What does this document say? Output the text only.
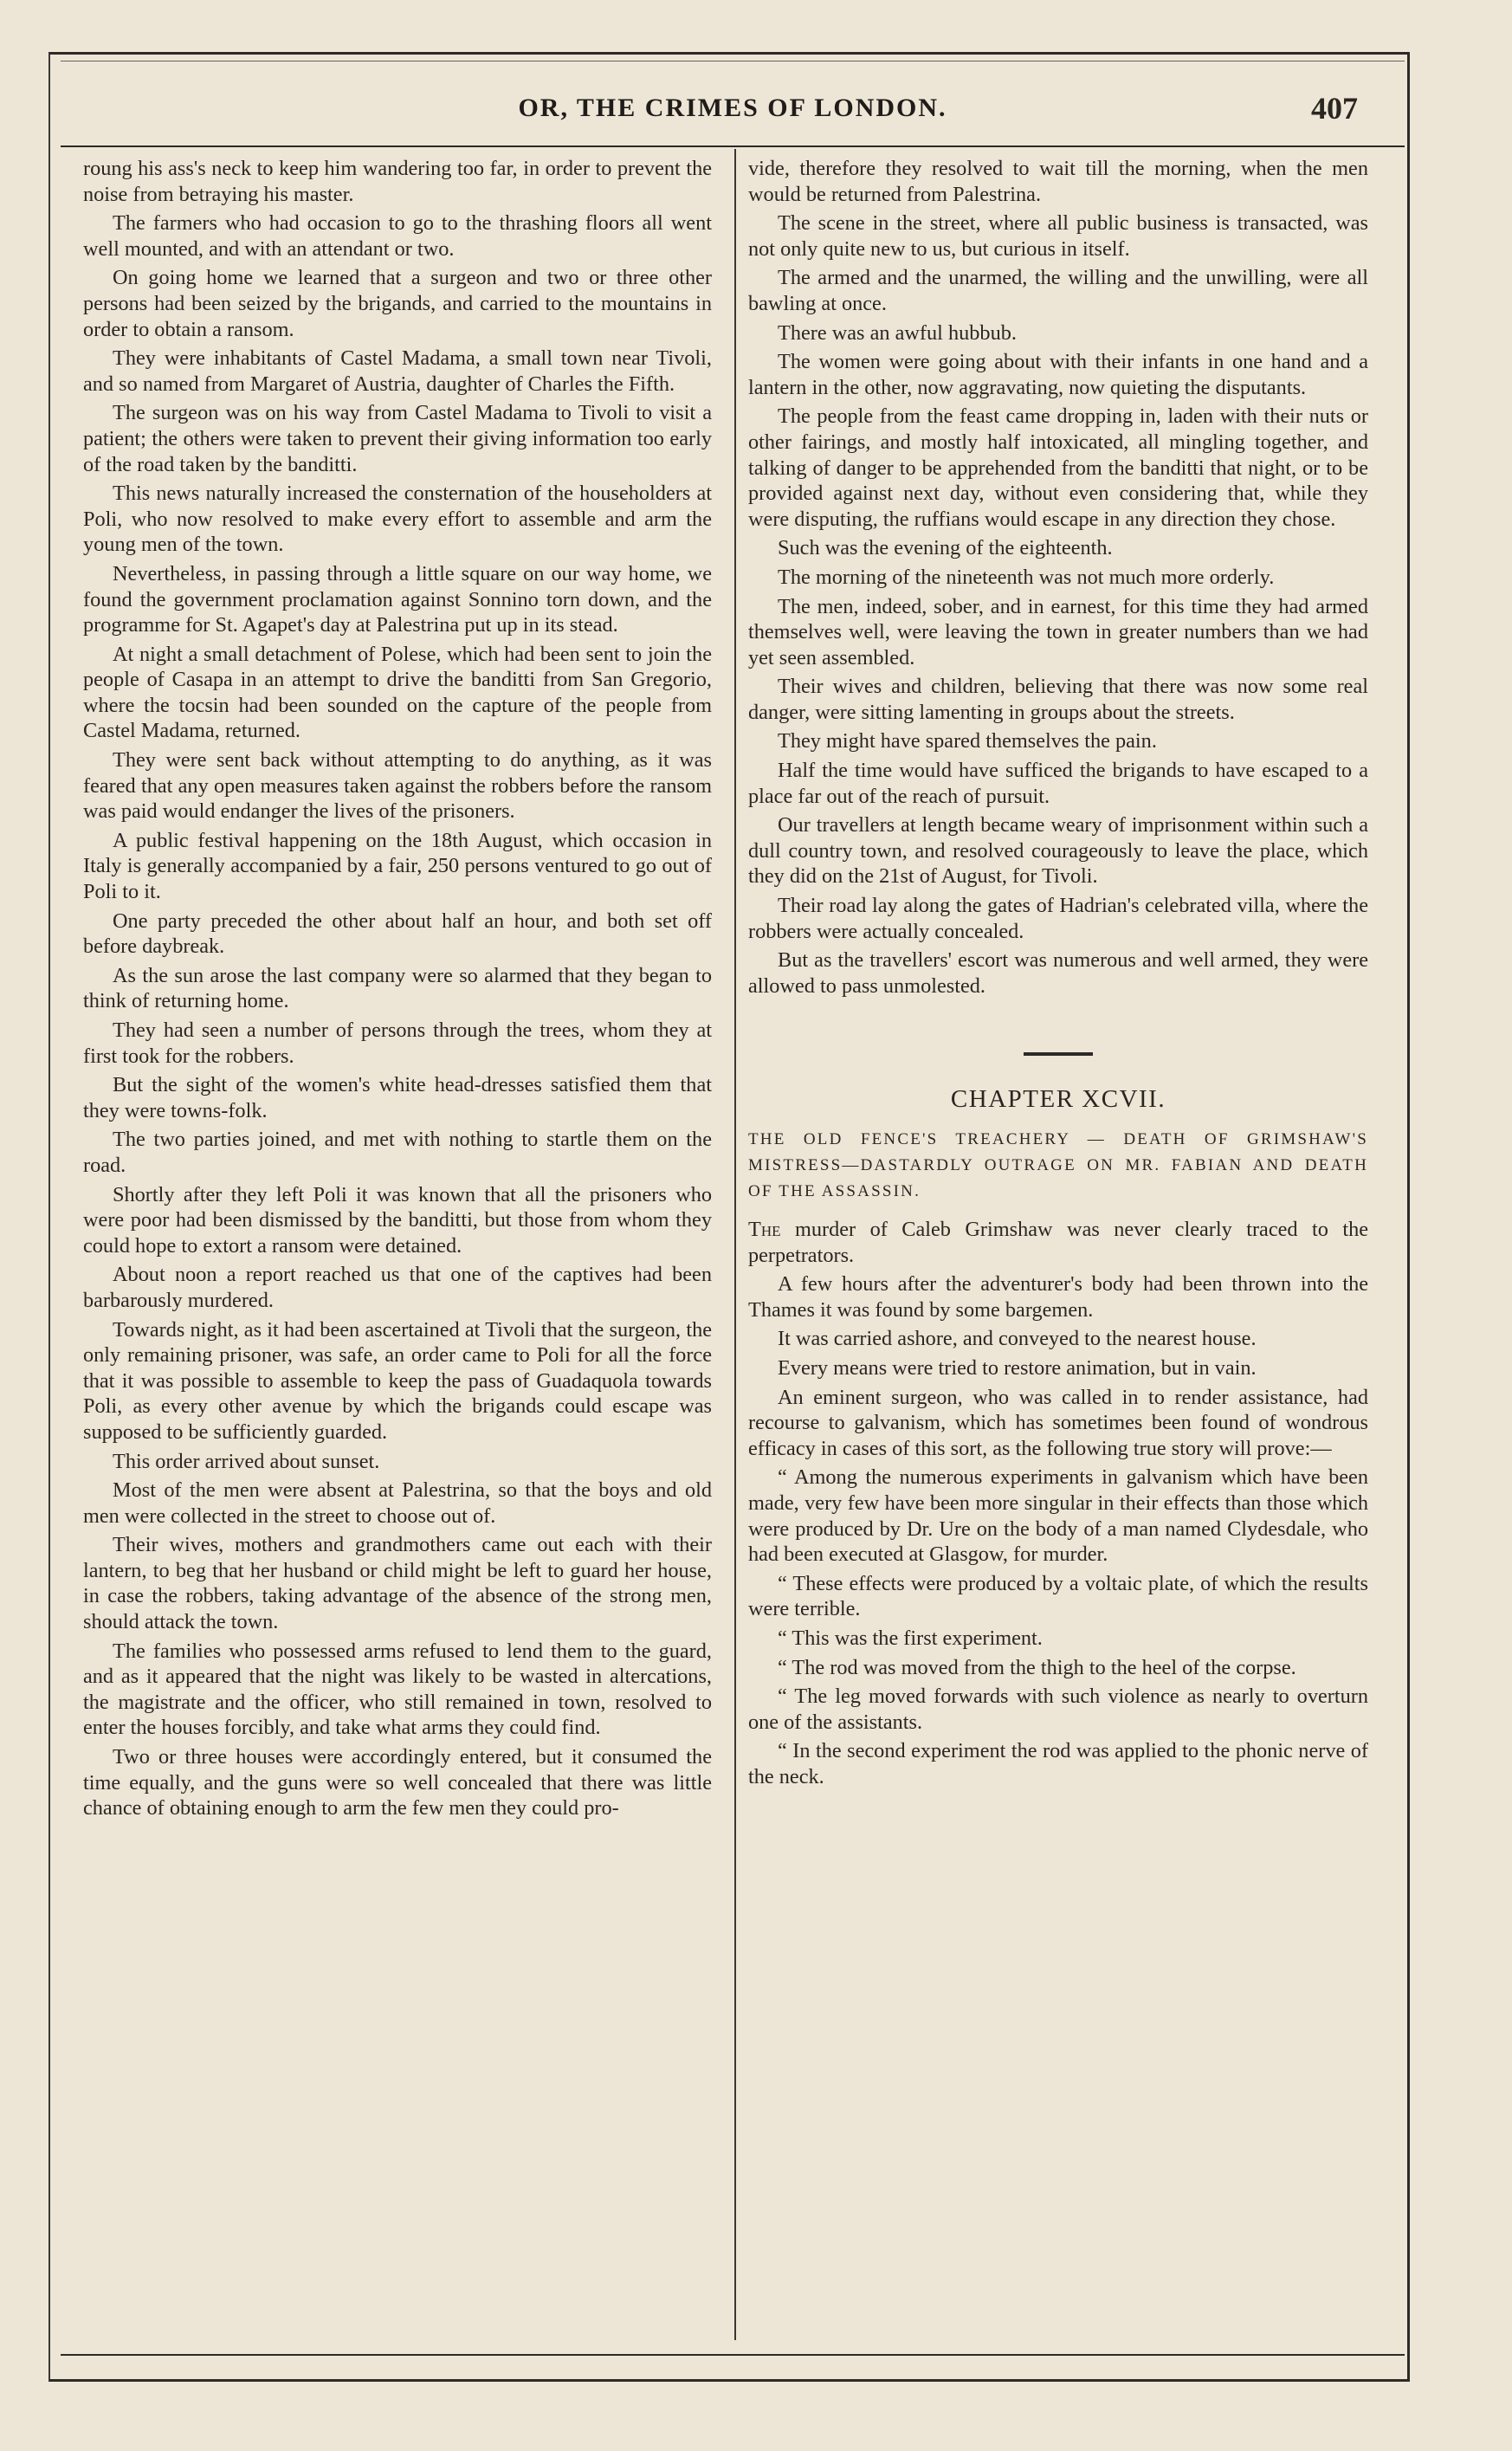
OR, THE CRIMES OF LONDON.	407

roung his ass's neck to keep him wandering too far, in order to prevent the noise from betraying his master.

The farmers who had occasion to go to the thrashing floors all went well mounted, and with an attendant or two.

On going home we learned that a surgeon and two or three other persons had been seized by the brigands, and carried to the mountains in order to obtain a ransom.

They were inhabitants of Castel Madama, a small town near Tivoli, and so named from Margaret of Austria, daughter of Charles the Fifth.

The surgeon was on his way from Castel Madama to Tivoli to visit a patient; the others were taken to prevent their giving information too early of the road taken by the banditti.

This news naturally increased the consternation of the householders at Poli, who now resolved to make every effort to assemble and arm the young men of the town.

Nevertheless, in passing through a little square on our way home, we found the government proclamation against Sonnino torn down, and the programme for St. Agapet's day at Palestrina put up in its stead.

At night a small detachment of Polese, which had been sent to join the people of Casapa in an attempt to drive the banditti from San Gregorio, where the tocsin had been sounded on the capture of the people from Castel Madama, returned.

They were sent back without attempting to do anything, as it was feared that any open measures taken against the robbers before the ransom was paid would endanger the lives of the prisoners.

A public festival happening on the 18th August, which occasion in Italy is generally accompanied by a fair, 250 persons ventured to go out of Poli to it.

One party preceded the other about half an hour, and both set off before daybreak.

As the sun arose the last company were so alarmed that they began to think of returning home.

They had seen a number of persons through the trees, whom they at first took for the robbers.

But the sight of the women's white head-dresses satisfied them that they were towns-folk.

The two parties joined, and met with nothing to startle them on the road.

Shortly after they left Poli it was known that all the prisoners who were poor had been dismissed by the banditti, but those from whom they could hope to extort a ransom were detained.

About noon a report reached us that one of the captives had been barbarously murdered.

Towards night, as it had been ascertained at Tivoli that the surgeon, the only remaining prisoner, was safe, an order came to Poli for all the force that it was possible to assemble to keep the pass of Guadaquola towards Poli, as every other avenue by which the brigands could escape was supposed to be sufficiently guarded.

This order arrived about sunset.

Most of the men were absent at Palestrina, so that the boys and old men were collected in the street to choose out of.

Their wives, mothers and grandmothers came out each with their lantern, to beg that her husband or child might be left to guard her house, in case the robbers, taking advantage of the absence of the strong men, should attack the town.

The families who possessed arms refused to lend them to the guard, and as it appeared that the night was likely to be wasted in altercations, the magistrate and the officer, who still remained in town, resolved to enter the houses forcibly, and take what arms they could find.

Two or three houses were accordingly entered, but it consumed the time equally, and the guns were so well concealed that there was little chance of obtaining enough to arm the few men they could pro-

vide, therefore they resolved to wait till the morning, when the men would be returned from Palestrina.

The scene in the street, where all public business is transacted, was not only quite new to us, but curious in itself.

The armed and the unarmed, the willing and the unwilling, were all bawling at once.

There was an awful hubbub.

The women were going about with their infants in one hand and a lantern in the other, now aggravating, now quieting the disputants.

The people from the feast came dropping in, laden with their nuts or other fairings, and mostly half intoxicated, all mingling together, and talking of danger to be apprehended from the banditti that night, or to be provided against next day, without even considering that, while they were disputing, the ruffians would escape in any direction they chose.

Such was the evening of the eighteenth.

The morning of the nineteenth was not much more orderly.

The men, indeed, sober, and in earnest, for this time they had armed themselves well, were leaving the town in greater numbers than we had yet seen assembled.

Their wives and children, believing that there was now some real danger, were sitting lamenting in groups about the streets.

They might have spared themselves the pain.

Half the time would have sufficed the brigands to have escaped to a place far out of the reach of pursuit.

Our travellers at length became weary of imprisonment within such a dull country town, and resolved courageously to leave the place, which they did on the 21st of August, for Tivoli.

Their road lay along the gates of Hadrian's celebrated villa, where the robbers were actually concealed.

But as the travellers' escort was numerous and well armed, they were allowed to pass unmolested.

CHAPTER XCVII.
THE OLD FENCE'S TREACHERY — DEATH OF GRIMSHAW'S MISTRESS—DASTARDLY OUTRAGE ON MR. FABIAN AND DEATH OF THE ASSASSIN.

The murder of Caleb Grimshaw was never clearly traced to the perpetrators.

A few hours after the adventurer's body had been thrown into the Thames it was found by some bargemen.

It was carried ashore, and conveyed to the nearest house.

Every means were tried to restore animation, but in vain.

An eminent surgeon, who was called in to render assistance, had recourse to galvanism, which has sometimes been found of wondrous efficacy in cases of this sort, as the following true story will prove:—

“ Among the numerous experiments in galvanism which have been made, very few have been more singular in their effects than those which were produced by Dr. Ure on the body of a man named Clydesdale, who had been executed at Glasgow, for murder.

“ These effects were produced by a voltaic plate, of which the results were terrible.

“ This was the first experiment.

“ The rod was moved from the thigh to the heel of the corpse.

“ The leg moved forwards with such violence as nearly to overturn one of the assistants.

“ In the second experiment the rod was applied to the phonic nerve of the neck.
